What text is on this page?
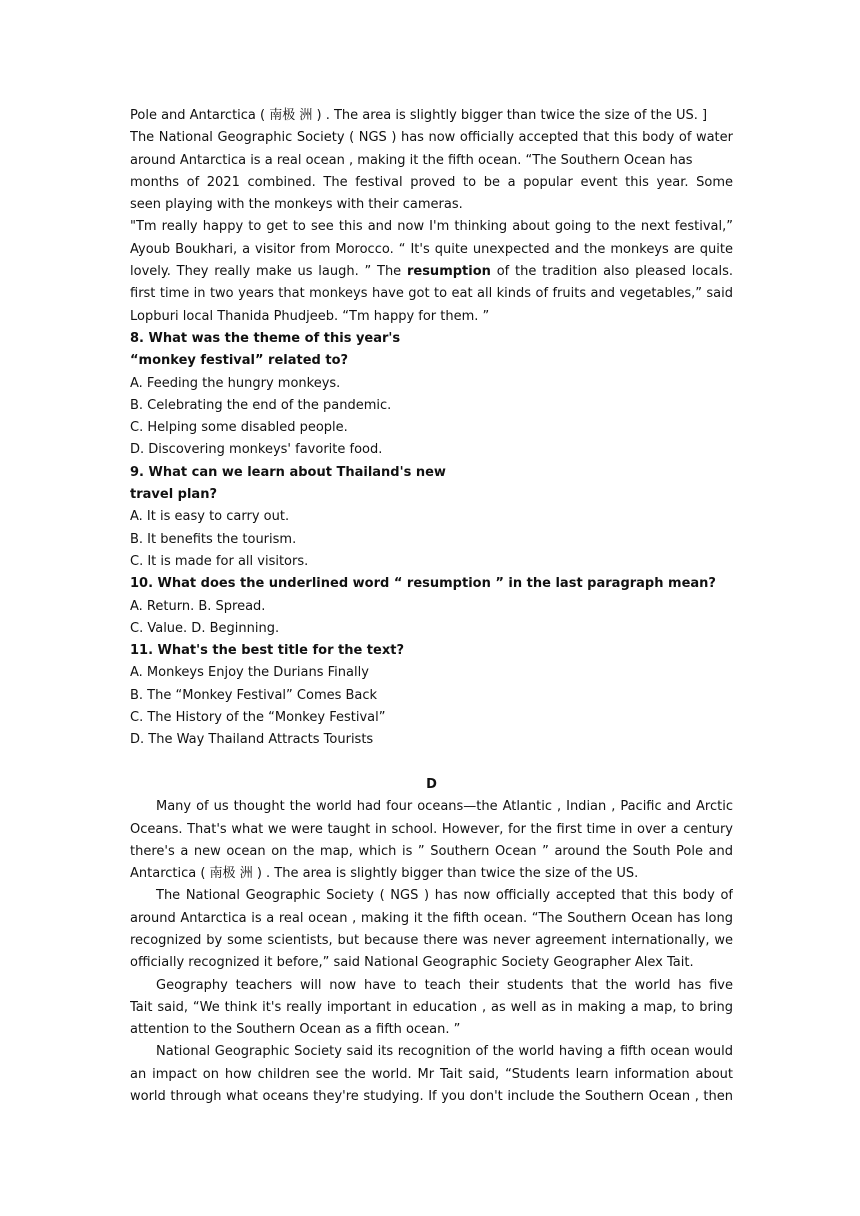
Pole and Antarctica ( 南极 洲 ) . The area is slightly bigger than twice the size of the US. ]
The National Geographic Society ( NGS ) has now officially accepted that this body of water
around Antarctica is a real ocean , making it the fifth ocean. “The Southern Ocean has
months of 2021 combined. The festival proved to be a popular event this year. Some
seen playing with the monkeys with their cameras.
"Tm really happy to get to see this and now I'm thinking about going to the next festival,”
Ayoub Boukhari, a visitor from Morocco. “ It's quite unexpected and the monkeys are quite
lovely. They really make us laugh. ” The resumption of the tradition also pleased locals.
first time in two years that monkeys have got to eat all kinds of fruits and vegetables,” said
Lopburi local Thanida Phudjeeb. “Tm happy for them. ”
8. What was the theme of this year's
“monkey festival” related to?
A. Feeding the hungry monkeys.
B. Celebrating the end of the pandemic.
C. Helping some disabled people.
D. Discovering monkeys' favorite food.
9. What can we learn about Thailand's new
travel plan?
A. It is easy to carry out.
B. It benefits the tourism.
C. It is made for all visitors.
10. What does the underlined word “ resumption ” in the last paragraph mean?
A. Return. B. Spread.
C. Value. D. Beginning.
11. What's the best title for the text?
A. Monkeys Enjoy the Durians Finally
B. The “Monkey Festival” Comes Back
C. The History of the “Monkey Festival”
D. The Way Thailand Attracts Tourists
D
Many of us thought the world had four oceans—the Atlantic , Indian , Pacific and Arctic
Oceans. That's what we were taught in school. However, for the first time in over a century
there's a new ocean on the map, which is ” Southern Ocean ” around the South Pole and
Antarctica ( 南极 洲 ) . The area is slightly bigger than twice the size of the US.
The National Geographic Society ( NGS ) has now officially accepted that this body of
around Antarctica is a real ocean , making it the fifth ocean. “The Southern Ocean has long
recognized by some scientists, but because there was never agreement internationally, we
officially recognized it before,” said National Geographic Society Geographer Alex Tait.
Geography teachers will now have to teach their students that the world has five
Tait said, “We think it's really important in education , as well as in making a map, to bring
attention to the Southern Ocean as a fifth ocean. ”
National Geographic Society said its recognition of the world having a fifth ocean would
an impact on how children see the world. Mr Tait said, “Students learn information about
world through what oceans they're studying. If you don't include the Southern Ocean , then
